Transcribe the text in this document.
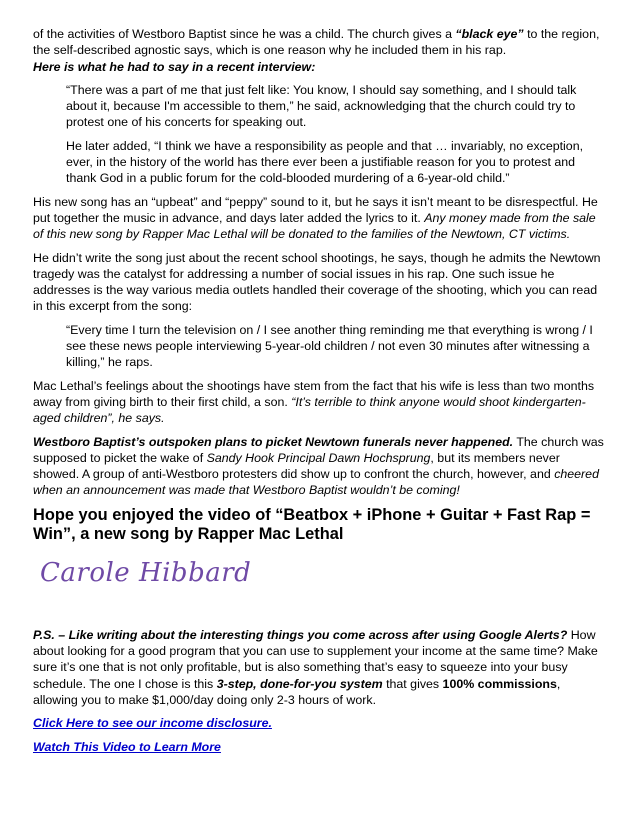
of the activities of Westboro Baptist since he was a child. The church gives a “black eye” to the region, the self-described agnostic says, which is one reason why he included them in his rap.
Here is what he had to say in a recent interview:

“There was a part of me that just felt like: You know, I should say something, and I should talk about it, because I'm accessible to them,” he said, acknowledging that the church could try to protest one of his concerts for speaking out.

He later added, “I think we have a responsibility as people and that … invariably, no exception, ever, in the history of the world has there ever been a justifiable reason for you to protest and thank God in a public forum for the cold-blooded murdering of a 6-year-old child.”

His new song has an “upbeat” and “peppy” sound to it, but he says it isn’t meant to be disrespectful. He put together the music in advance, and days later added the lyrics to it. Any money made from the sale of this new song by Rapper Mac Lethal will be donated to the families of the Newtown, CT victims.

He didn’t write the song just about the recent school shootings, he says, though he admits the Newtown tragedy was the catalyst for addressing a number of social issues in his rap. One such issue he addresses is the way various media outlets handled their coverage of the shooting, which you can read in this excerpt from the song:

“Every time I turn the television on / I see another thing reminding me that everything is wrong / I see these news people interviewing 5-year-old children / not even 30 minutes after witnessing a killing,” he raps.

Mac Lethal’s feelings about the shootings have stem from the fact that his wife is less than two months away from giving birth to their first child, a son. “It’s terrible to think anyone would shoot kindergarten-aged children”, he says.

Westboro Baptist’s outspoken plans to picket Newtown funerals never happened. The church was supposed to picket the wake of Sandy Hook Principal Dawn Hochsprung, but its members never showed. A group of anti-Westboro protesters did show up to confront the church, however, and cheered when an announcement was made that Westboro Baptist wouldn’t be coming!

Hope you enjoyed the video of “Beatbox + iPhone + Guitar + Fast Rap = Win”, a new song by Rapper Mac Lethal
Carole Hibbard

P.S. – Like writing about the interesting things you come across after using Google Alerts? How about looking for a good program that you can use to supplement your income at the same time? Make sure it’s one that is not only profitable, but is also something that’s easy to squeeze into your busy schedule. The one I chose is this 3-step, done-for-you system that gives 100% commissions, allowing you to make $1,000/day doing only 2-3 hours of work.

Click Here to see our income disclosure.

Watch This Video to Learn More
